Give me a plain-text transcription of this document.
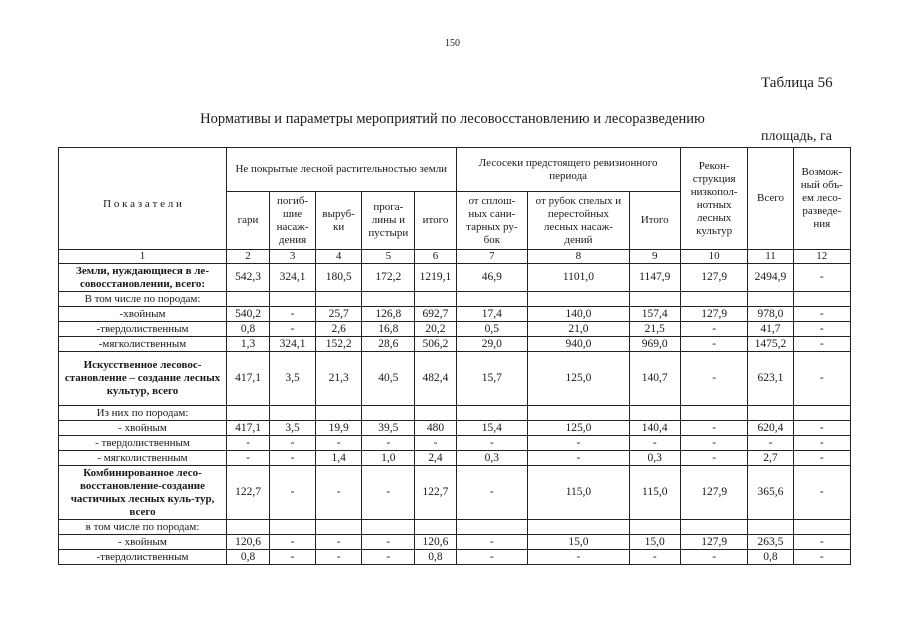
150
Таблица 56
Нормативы и параметры мероприятий по лесовосстановлению и лесоразведению
площадь, га
П о к а з а т е л и	Не покрытые лесной растительностью земли					Лесосеки предстоящего ревизионного периода			Рекон-струкция низкопол-нотных лесных культур	Всего	Возмож-ный объ-ем лесо-разведе-ния
	гари	погиб-шие насаж-дения	выруб-ки	прога-лины и пустыри	итого	от сплош-ных сани-тарных ру-бок	от рубок спелых и перестойных лесных насаж-дений	Итого			
1	2	3	4	5	6	7	8	9	10	11	12
Земли, нуждающиеся в ле-совосстановлении, всего:	542,3	324,1	180,5	172,2	1219,1	46,9	1101,0	1147,9	127,9	2494,9	-
В том числе по породам:											
-хвойным	540,2	-	25,7	126,8	692,7	17,4	140,0	157,4	127,9	978,0	-
-твердолиственным	0,8	-	2,6	16,8	20,2	0,5	21,0	21,5	-	41,7	-
-мягколиственным	1,3	324,1	152,2	28,6	506,2	29,0	940,0	969,0	-	1475,2	-
Искусственное лесовос-становление – создание лесных культур, всего	417,1	3,5	21,3	40,5	482,4	15,7	125,0	140,7	-	623,1	-
Из них по породам:											
- хвойным	417,1	3,5	19,9	39,5	480	15,4	125,0	140,4	-	620,4	-
- твердолиственным	-	-	-	-	-	-	-	-	-	-	-
- мягколиственным	-	-	1,4	1,0	2,4	0,3	-	0,3	-	2,7	-
Комбинированное лесо-восстановление-создание частичных лесных куль-тур, всего	122,7	-	-	-	122,7	-	115,0	115,0	127,9	365,6	-
в том числе по породам:											
- хвойным	120,6	-	-	-	120,6	-	15,0	15,0	127,9	263,5	-
-твердолиственным	0,8	-	-	-	0,8	-	-	-	-	0,8	-
